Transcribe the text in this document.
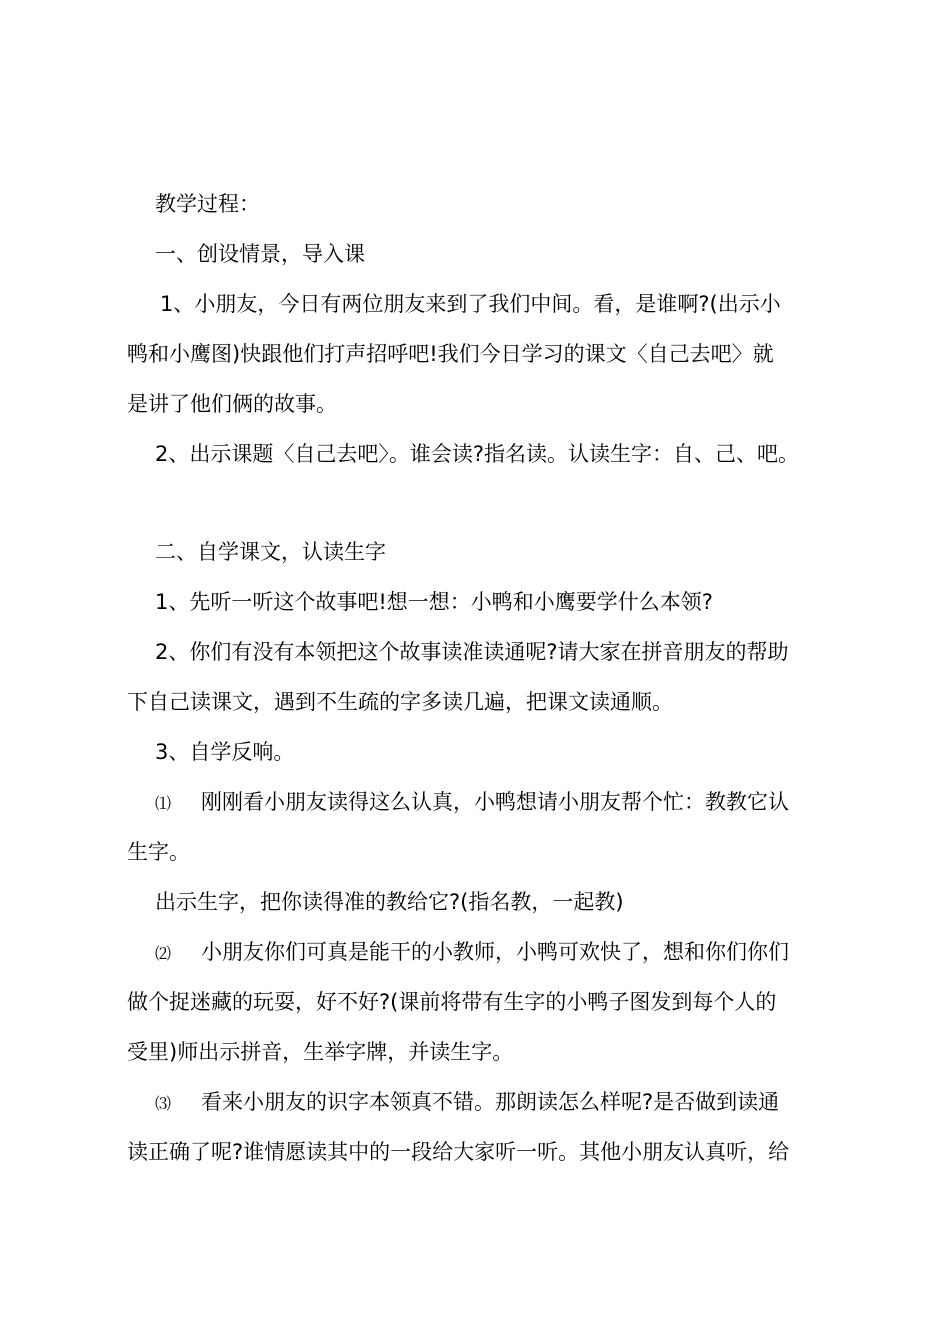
教学过程：
一、创设情景，导入课
1、小朋友，今日有两位朋友来到了我们中间。看，是谁啊?(出示小
鸭和小鹰图)快跟他们打声招呼吧!我们今日学习的课文〈自己去吧〉就
是讲了他们俩的故事。
2、出示课题〈自己去吧〉。谁会读?指名读。认读生字：自、己、吧。
二、自学课文，认读生字
1、先听一听这个故事吧!想一想：小鸭和小鹰要学什么本领?
2、你们有没有本领把这个故事读准读通呢?请大家在拼音朋友的帮助
下自己读课文，遇到不生疏的字多读几遍，把课文读通顺。
3、自学反响。
⑴ 刚刚看小朋友读得这么认真，小鸭想请小朋友帮个忙：教教它认
生字。
出示生字，把你读得准的教给它?(指名教，一起教)
⑵ 小朋友你们可真是能干的小教师，小鸭可欢快了，想和你们你们
做个捉迷藏的玩耍，好不好?(课前将带有生字的小鸭子图发到每个人的
受里)师出示拼音，生举字牌，并读生字。
⑶ 看来小朋友的识字本领真不错。那朗读怎么样呢?是否做到读通
读正确了呢?谁情愿读其中的一段给大家听一听。其他小朋友认真听，给
